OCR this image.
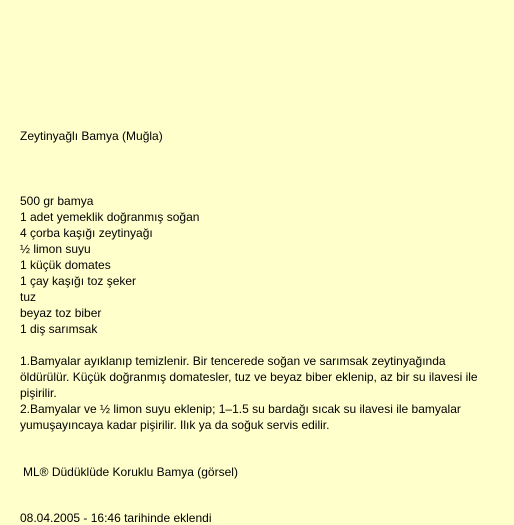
Zeytinyağlı Bamya (Muğla)
500 gr bamya
1 adet yemeklik doğranmış soğan
4 çorba kaşığı zeytinyağı
½ limon suyu
1 küçük domates
1 çay kaşığı toz şeker
tuz
beyaz toz biber
1 diş sarımsak

1.Bamyalar ayıklanıp temizlenir. Bir tencerede soğan ve sarımsak zeytinyağında öldürülür. Küçük doğranmış domatesler, tuz ve beyaz biber eklenip, az bir su ilavesi ile pişirilir.

2.Bamyalar ve ½ limon suyu eklenip; 1–1.5 su bardağı sıcak su ilavesi ile bamyalar yumuşayıncaya kadar pişirilir. Ilık ya da soğuk servis edilir.

ML® Düdüklüde Koruklu Bamya (görsel)
08.04.2005 - 16:46 tarihinde eklendi
